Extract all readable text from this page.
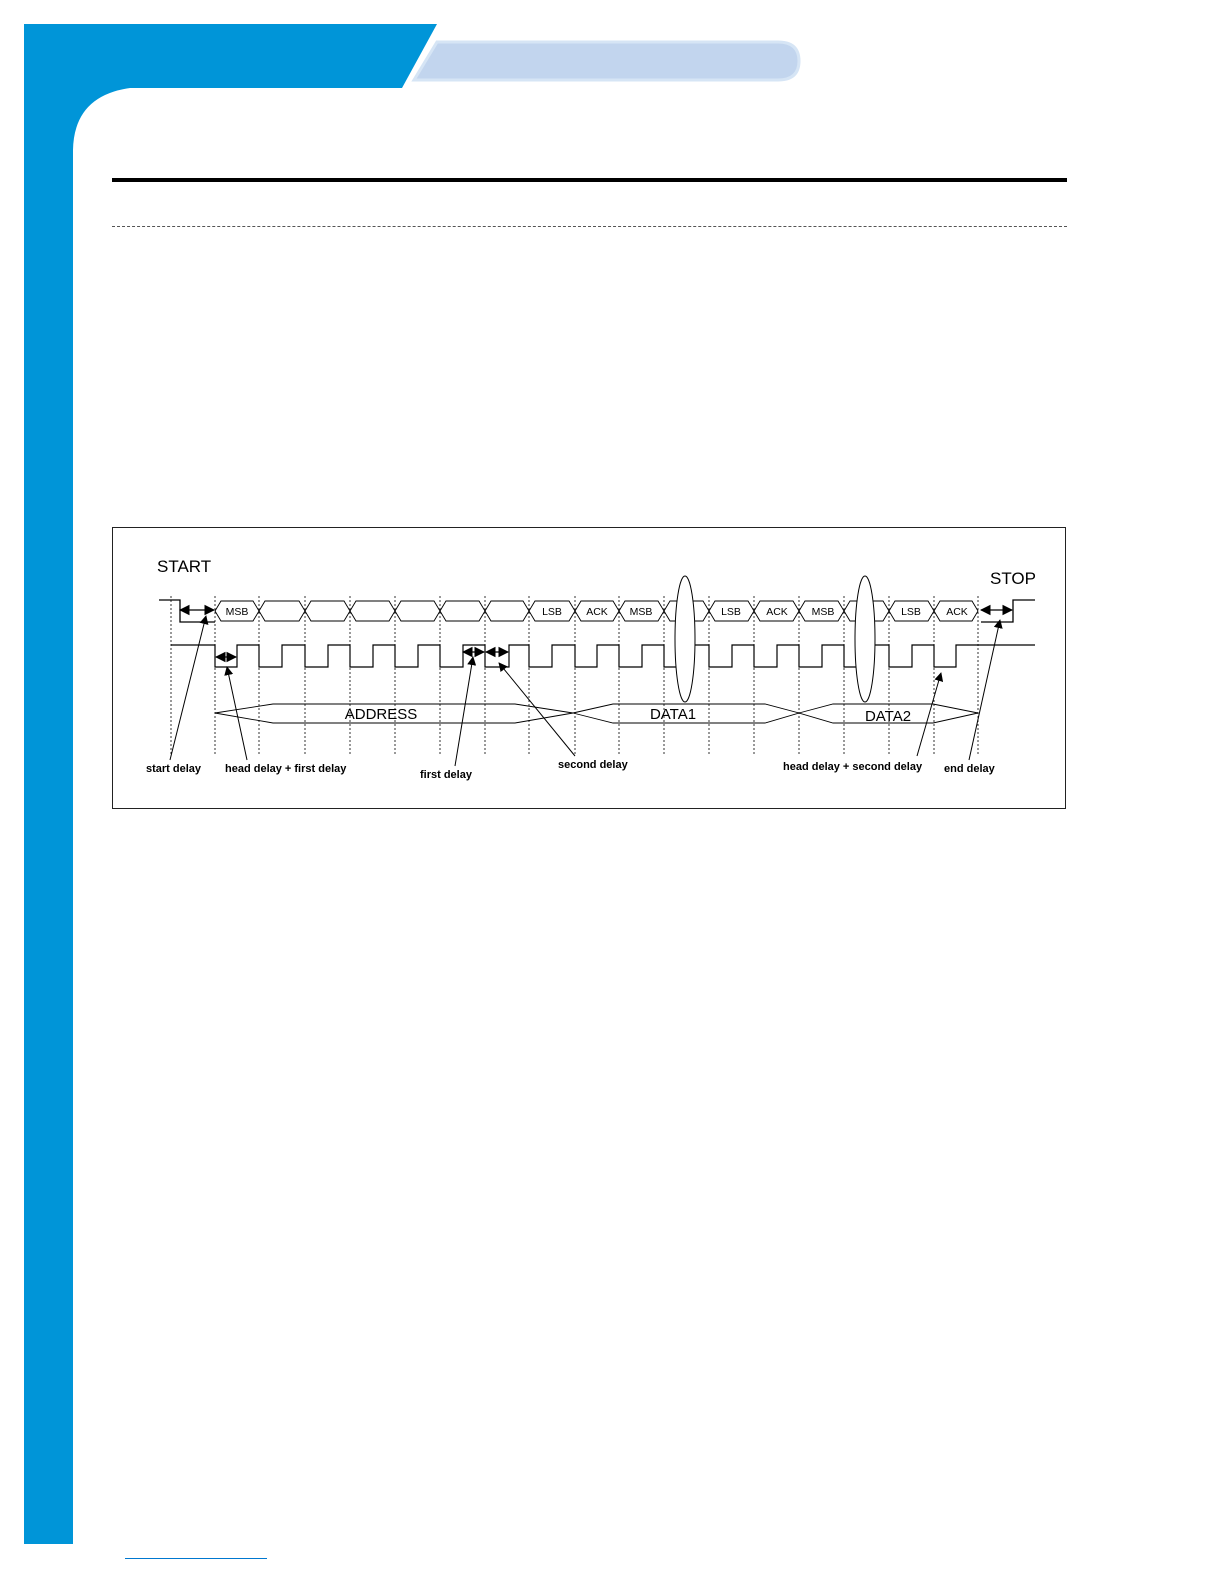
START
STOP
MSB	LSB ACK MSB	LSB ACK MSB	LSB ACK
ADDRESS	DATA1	DATA2
start delay head delay + first delay	first delay
second delay	head delay + second delay end delay
